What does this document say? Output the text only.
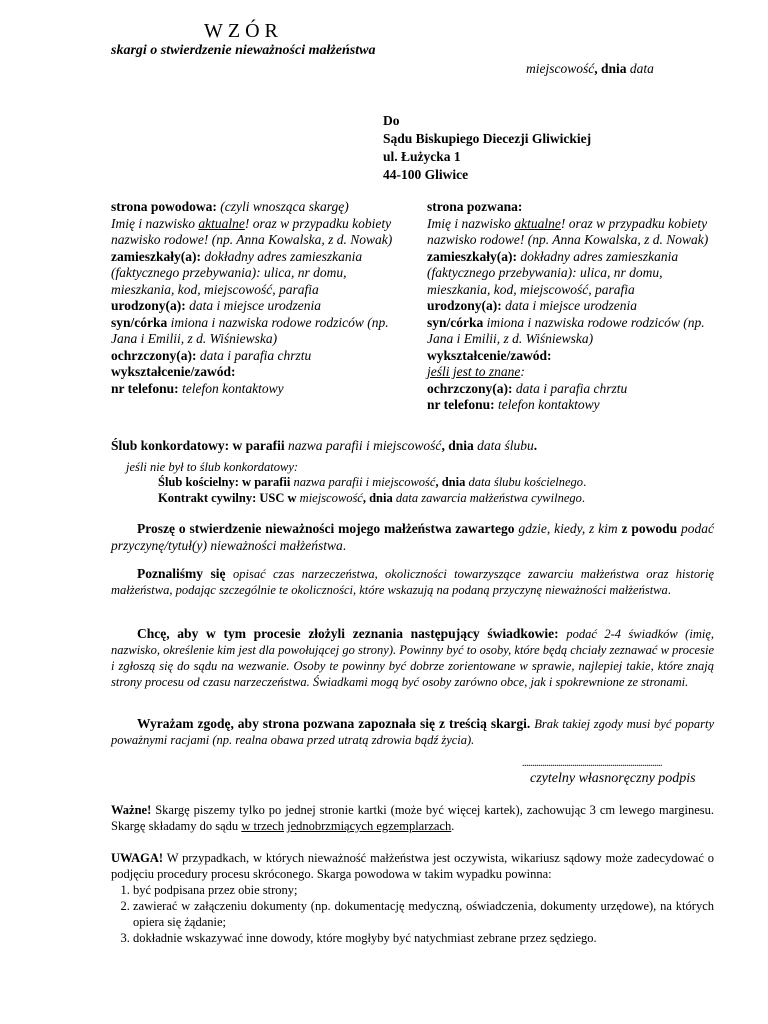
WZÓR
skargi o stwierdzenie nieważności małżeństwa
miejscowość, dnia data
Do
Sądu Biskupiego Diecezji Gliwickiej
ul. Łużycka 1
44-100 Gliwice
strona powodowa: (czyli wnosząca skargę)
Imię i nazwisko aktualne! oraz w przypadku kobiety nazwisko rodowe! (np. Anna Kowalska, z d. Nowak)
zamieszkały(a): dokładny adres zamieszkania (faktycznego przebywania): ulica, nr domu, mieszkania, kod, miejscowość, parafia
urodzony(a): data i miejsce urodzenia
syn/córka imiona i nazwiska rodowe rodziców (np. Jana i Emilii, z d. Wiśniewska)
ochrzczony(a): data i parafia chrztu
wykształcenie/zawód:
nr telefonu: telefon kontaktowy
strona pozwana:
Imię i nazwisko aktualne! oraz w przypadku kobiety nazwisko rodowe! (np. Anna Kowalska, z d. Nowak)
zamieszkały(a): dokładny adres zamieszkania (faktycznego przebywania): ulica, nr domu, mieszkania, kod, miejscowość, parafia
urodzony(a): data i miejsce urodzenia
syn/córka imiona i nazwiska rodowe rodziców (np. Jana i Emilii, z d. Wiśniewska)
wykształcenie/zawód:
jeśli jest to znane:
ochrzczony(a): data i parafia chrztu
nr telefonu: telefon kontaktowy
Ślub konkordatowy: w parafii nazwa parafii i miejscowość, dnia data ślubu.
jeśli nie był to ślub konkordatowy:
Ślub kościelny: w parafii nazwa parafii i miejscowość, dnia data ślubu kościelnego.
Kontrakt cywilny: USC w miejscowość, dnia data zawarcia małżeństwa cywilnego.
Proszę o stwierdzenie nieważności mojego małżeństwa zawartego gdzie, kiedy, z kim z powodu podać przyczynę/tytuł(y) nieważności małżeństwa.
Poznaliśmy się opisać czas narzeczeństwa, okoliczności towarzyszące zawarciu małżeństwa oraz historię małżeństwa, podając szczególnie te okoliczności, które wskazują na podaną przyczynę nieważności małżeństwa.
Chcę, aby w tym procesie złożyli zeznania następujący świadkowie: podać 2-4 świadków (imię, nazwisko, określenie kim jest dla powołującej go strony). Powinny być to osoby, które będą chciały zeznawać w procesie i zgłoszą się do sądu na wezwanie. Osoby te powinny być dobrze zorientowane w sprawie, najlepiej takie, które znają strony procesu od czasu narzeczeństwa. Świadkami mogą być osoby zarówno obce, jak i spokrewnione ze stronami.
Wyrażam zgodę, aby strona pozwana zapoznała się z treścią skargi. Brak takiej zgody musi być poparty poważnymi racjami (np. realna obawa przed utratą zdrowia bądź życia).
......................................................................
czytelny własnoręczny podpis
Ważne! Skargę piszemy tylko po jednej stronie kartki (może być więcej kartek), zachowując 3 cm lewego marginesu. Skargę składamy do sądu w trzech jednobrzmiących egzemplarzach.
UWAGA! W przypadkach, w których nieważność małżeństwa jest oczywista, wikariusz sądowy może zadecydować o podjęciu procedury procesu skróconego. Skarga powodowa w takim wypadku powinna:
1. być podpisana przez obie strony;
2. zawierać w załączeniu dokumenty (np. dokumentację medyczną, oświadczenia, dokumenty urzędowe), na których opiera się żądanie;
3. dokładnie wskazywać inne dowody, które mogłyby być natychmiast zebrane przez sędziego.
